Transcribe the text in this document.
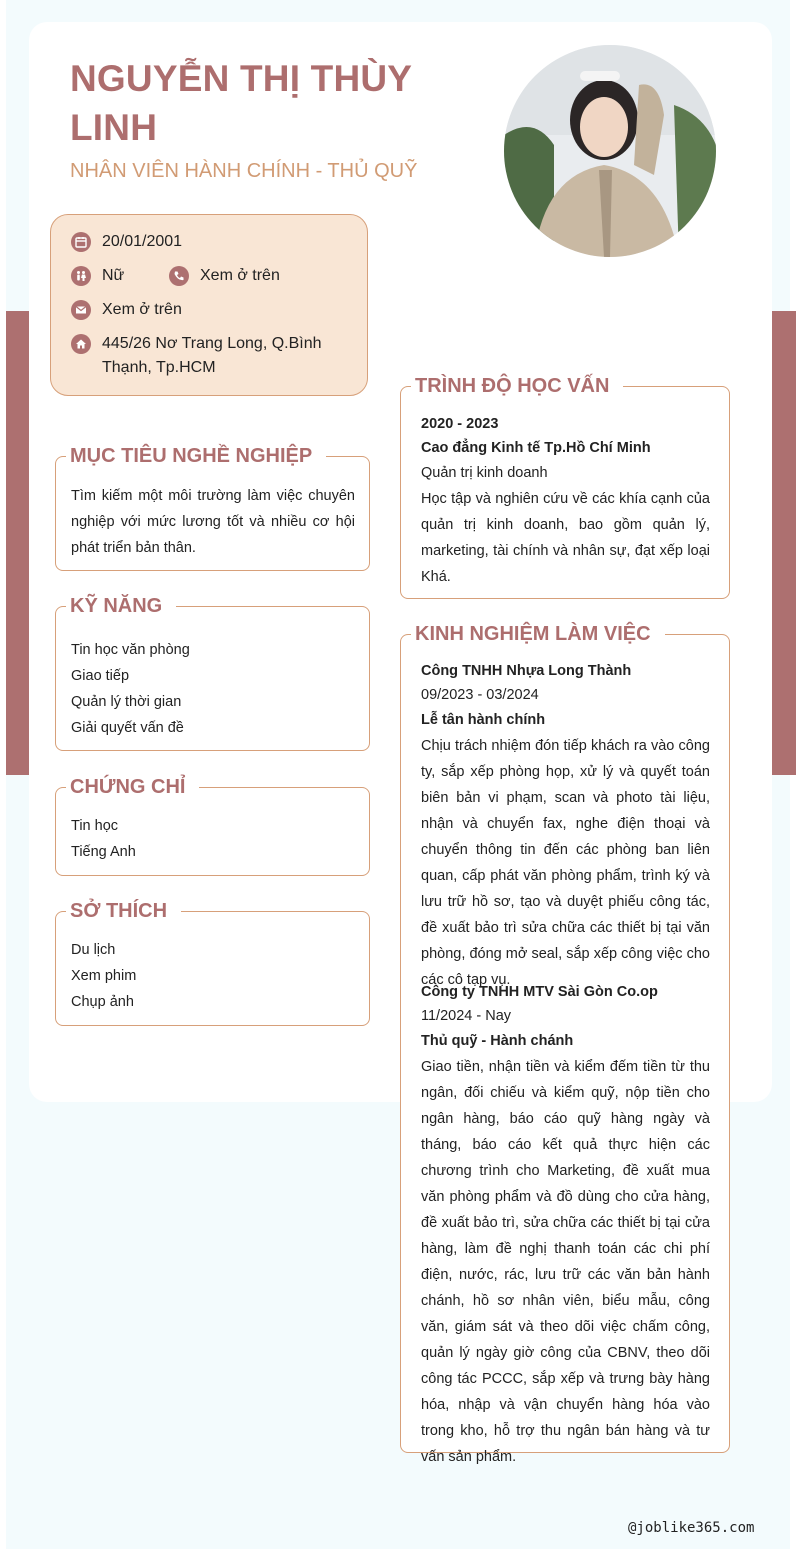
NGUYỄN THỊ THÙY LINH
NHÂN VIÊN HÀNH CHÍNH - THỦ QUỸ
20/01/2001
Nữ	Xem ở trên
Xem ở trên
445/26 Nơ Trang Long, Q.Bình Thạnh, Tp.HCM
MỤC TIÊU NGHỀ NGHIỆP
Tìm kiếm một môi trường làm việc chuyên nghiệp với mức lương tốt và nhiều cơ hội phát triển bản thân.
KỸ NĂNG
Tin học văn phòng
Giao tiếp
Quản lý thời gian
Giải quyết vấn đề
CHỨNG CHỈ
Tin học
Tiếng Anh
SỞ THÍCH
Du lịch
Xem phim
Chụp ảnh
TRÌNH ĐỘ HỌC VẤN
2020 - 2023
Cao đẳng Kinh tế Tp.Hồ Chí Minh
Quản trị kinh doanh
Học tập và nghiên cứu về các khía cạnh của quản trị kinh doanh, bao gồm quản lý, marketing, tài chính và nhân sự, đạt xếp loại Khá.
KINH NGHIỆM LÀM VIỆC
Công TNHH Nhựa Long Thành
09/2023 - 03/2024
Lễ tân hành chính
Chịu trách nhiệm đón tiếp khách ra vào công ty, sắp xếp phòng họp, xử lý và quyết toán biên bản vi phạm, scan và photo tài liệu, nhận và chuyển fax, nghe điện thoại và chuyển thông tin đến các phòng ban liên quan, cấp phát văn phòng phẩm, trình ký và lưu trữ hồ sơ, tạo và duyệt phiếu công tác, đề xuất bảo trì sửa chữa các thiết bị tại văn phòng, đóng mở seal, sắp xếp công việc cho các cô tạp vụ.
Công ty TNHH MTV Sài Gòn Co.op
11/2024 - Nay
Thủ quỹ - Hành chánh
Giao tiền, nhận tiền và kiểm đếm tiền từ thu ngân, đối chiếu và kiểm quỹ, nộp tiền cho ngân hàng, báo cáo quỹ hàng ngày và tháng, báo cáo kết quả thực hiện các chương trình cho Marketing, đề xuất mua văn phòng phẩm và đồ dùng cho cửa hàng, đề xuất bảo trì, sửa chữa các thiết bị tại cửa hàng, làm đề nghị thanh toán các chi phí điện, nước, rác, lưu trữ các văn bản hành chánh, hồ sơ nhân viên, biểu mẫu, công văn, giám sát và theo dõi việc chấm công, quản lý ngày giờ công của CBNV, theo dõi công tác PCCC, sắp xếp và trưng bày hàng hóa, nhập và vận chuyển hàng hóa vào trong kho, hỗ trợ thu ngân bán hàng và tư vấn sản phẩm.
@joblike365.com
